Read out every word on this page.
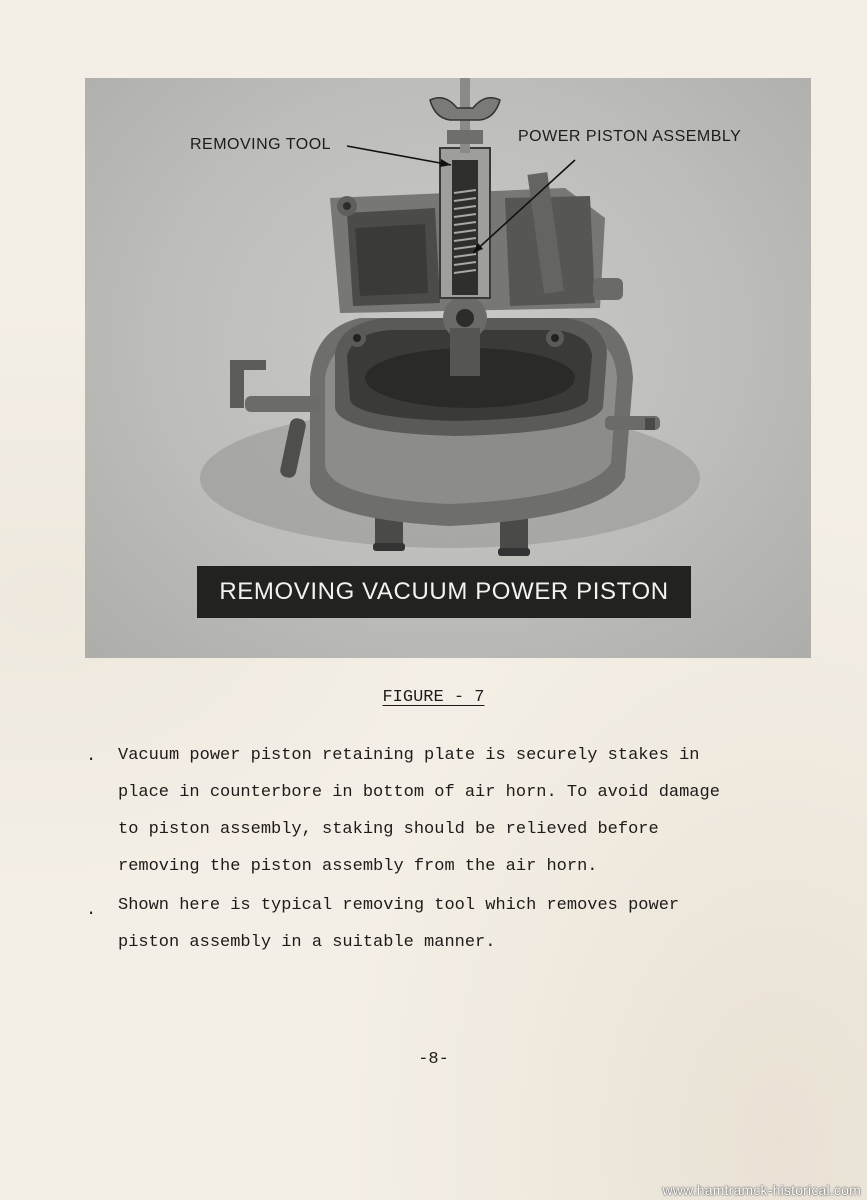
REMOVING TOOL	POWER PISTON ASSEMBLY
REMOVING VACUUM POWER PISTON
FIGURE - 7
. Vacuum power piston retaining plate is securely stakes in
place in counterbore in bottom of air horn. To avoid damage
to piston assembly, staking should be relieved before
removing the piston assembly from the air horn.
. Shown here is typical removing tool which removes power
piston assembly in a suitable manner.
-8-
www.hamtramck-historical.com
